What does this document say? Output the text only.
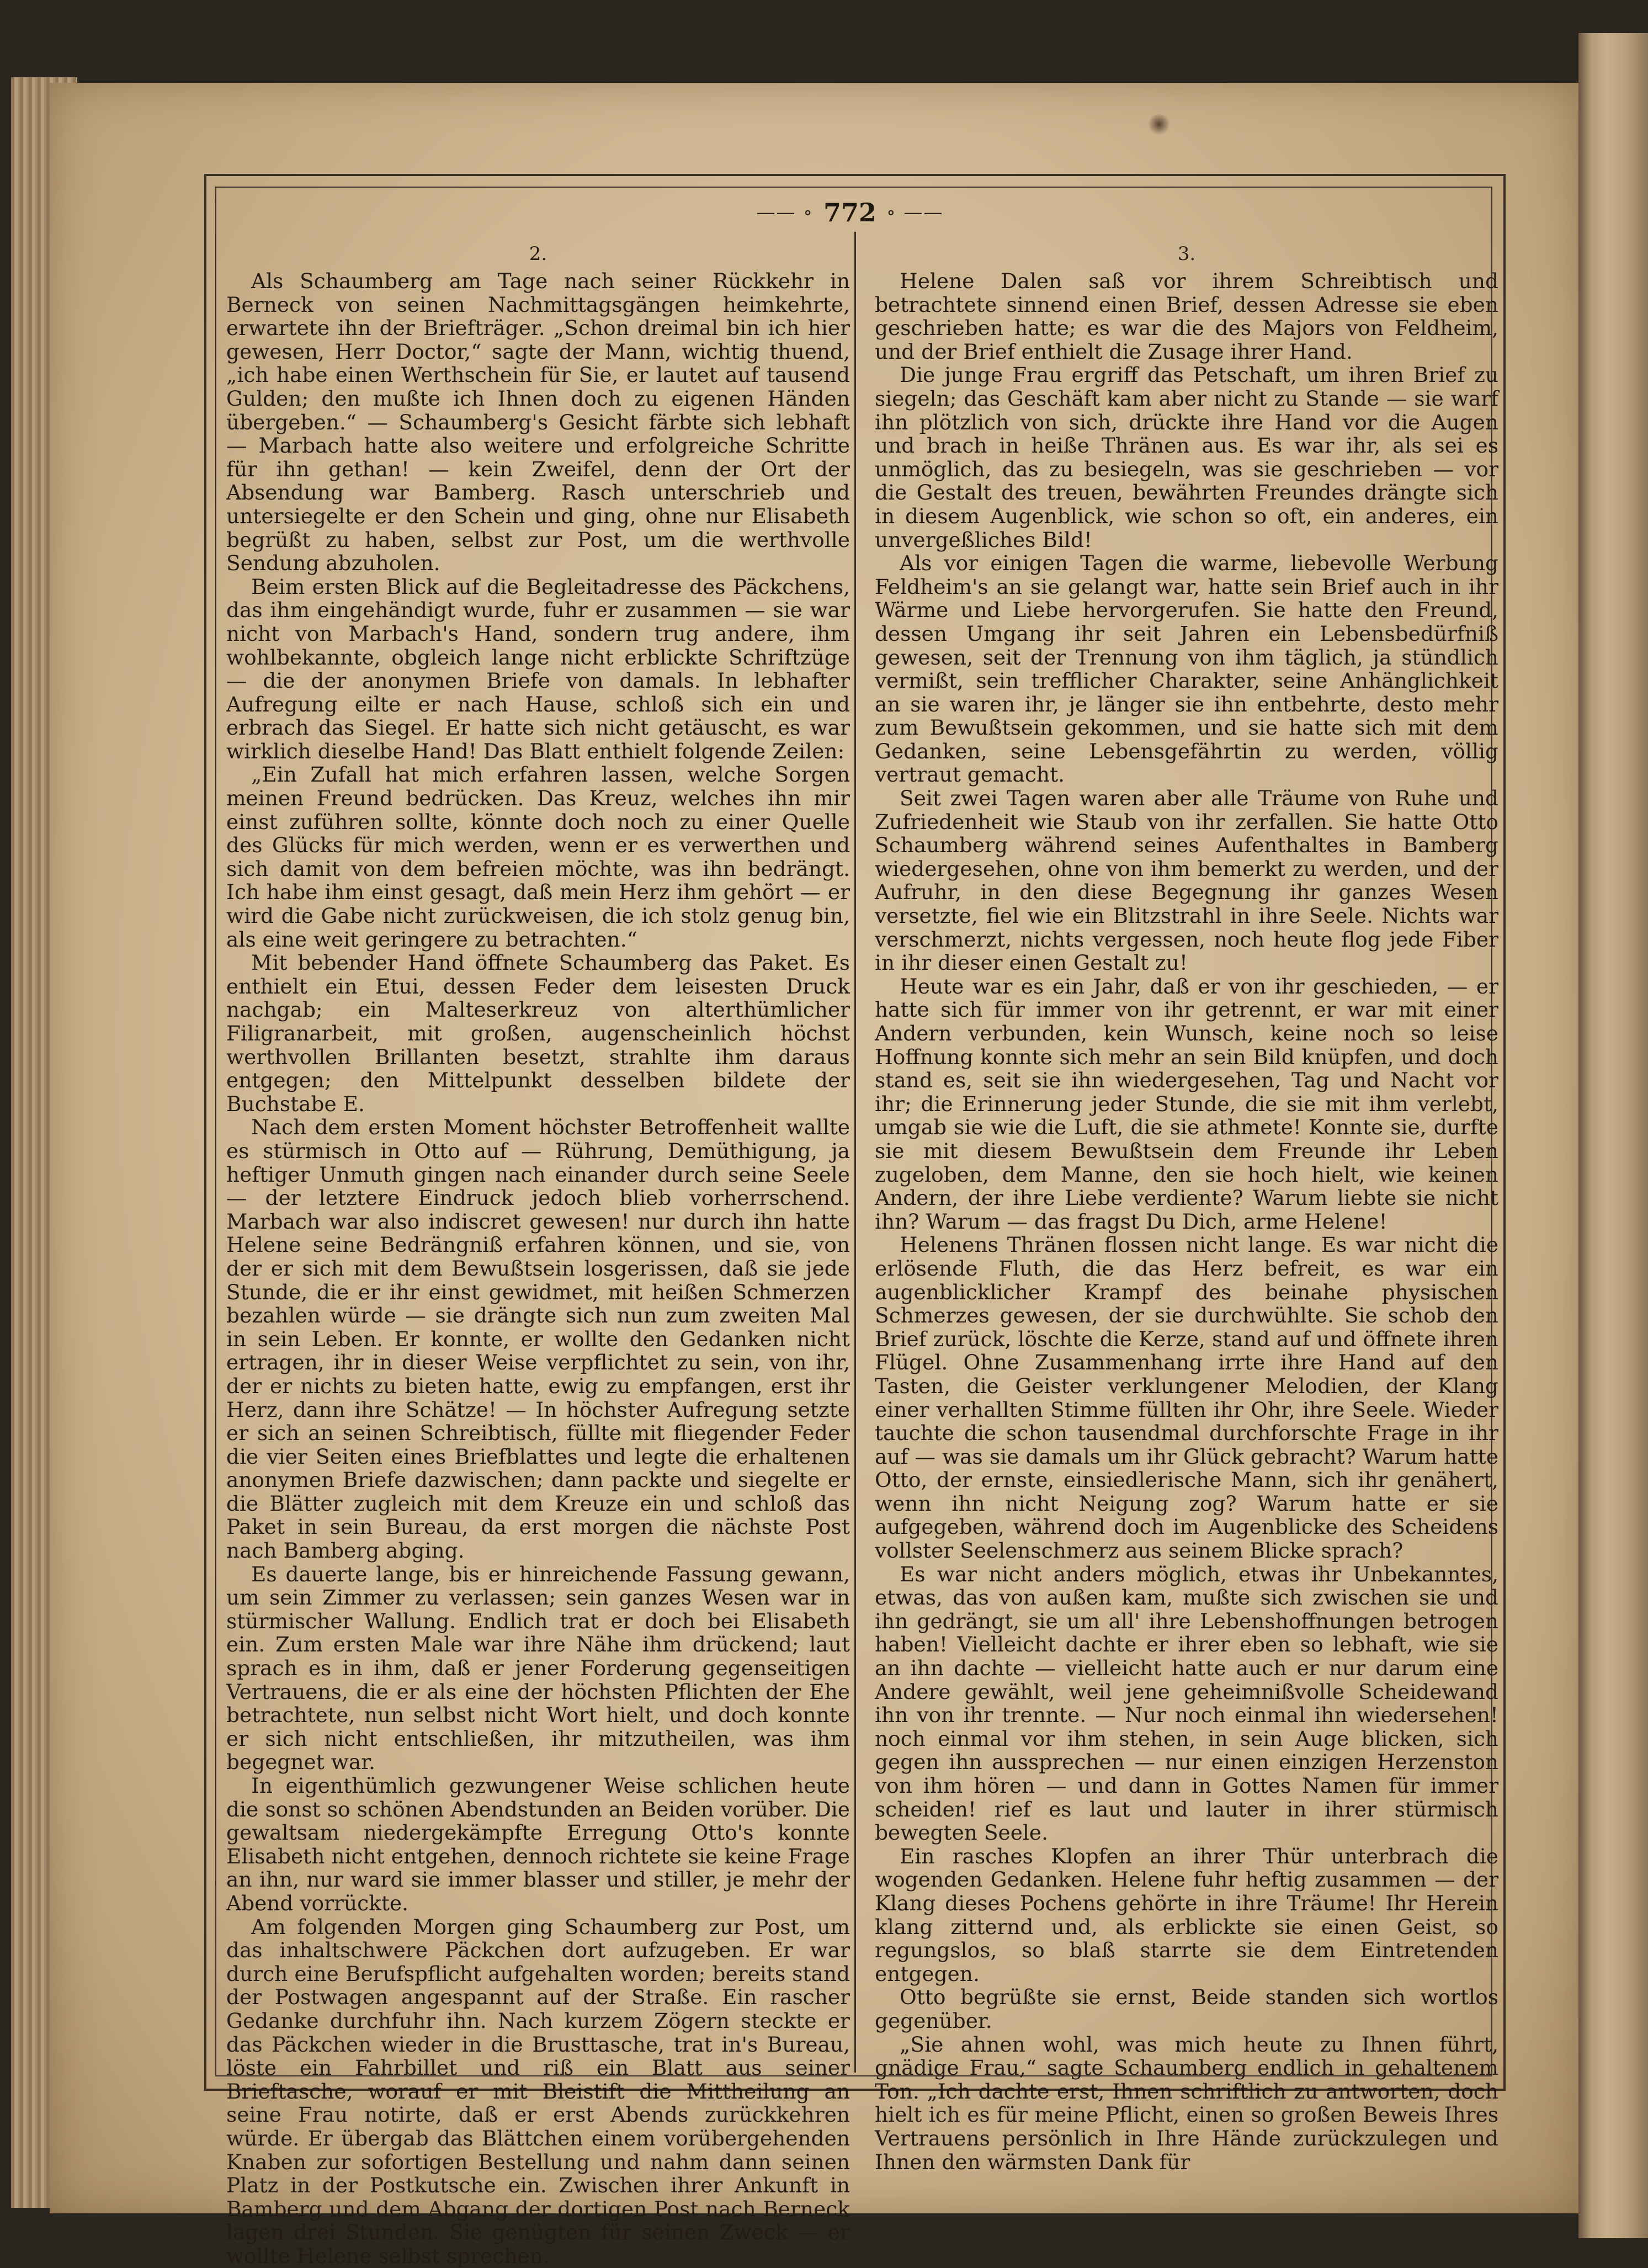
—— ∘ 772 ∘ ——
2.

Als Schaumberg am Tage nach seiner Rückkehr in Berneck von seinen Nachmittagsgängen heimkehrte, erwartete ihn der Briefträger. „Schon dreimal bin ich hier gewesen, Herr Doctor,“ sagte der Mann, wichtig thuend, „ich habe einen Werthschein für Sie, er lautet auf tausend Gulden; den mußte ich Ihnen doch zu eigenen Händen übergeben.“ — Schaumberg's Gesicht färbte sich lebhaft — Marbach hatte also weitere und erfolgreiche Schritte für ihn gethan! — kein Zweifel, denn der Ort der Absendung war Bamberg. Rasch unterschrieb und untersiegelte er den Schein und ging, ohne nur Elisabeth begrüßt zu haben, selbst zur Post, um die werthvolle Sendung abzuholen.

Beim ersten Blick auf die Begleitadresse des Päckchens, das ihm eingehändigt wurde, fuhr er zusammen — sie war nicht von Marbach's Hand, sondern trug andere, ihm wohlbekannte, obgleich lange nicht erblickte Schriftzüge — die der anonymen Briefe von damals. In lebhafter Aufregung eilte er nach Hause, schloß sich ein und erbrach das Siegel. Er hatte sich nicht getäuscht, es war wirklich dieselbe Hand! Das Blatt enthielt folgende Zeilen:

„Ein Zufall hat mich erfahren lassen, welche Sorgen meinen Freund bedrücken. Das Kreuz, welches ihn mir einst zuführen sollte, könnte doch noch zu einer Quelle des Glücks für mich werden, wenn er es verwerthen und sich damit von dem befreien möchte, was ihn bedrängt. Ich habe ihm einst gesagt, daß mein Herz ihm gehört — er wird die Gabe nicht zurückweisen, die ich stolz genug bin, als eine weit geringere zu betrachten.“

Mit bebender Hand öffnete Schaumberg das Paket. Es enthielt ein Etui, dessen Feder dem leisesten Druck nachgab; ein Malteserkreuz von alterthümlicher Filigranarbeit, mit großen, augenscheinlich höchst werthvollen Brillanten besetzt, strahlte ihm daraus entgegen; den Mittelpunkt desselben bildete der Buchstabe E.

Nach dem ersten Moment höchster Betroffenheit wallte es stürmisch in Otto auf — Rührung, Demüthigung, ja heftiger Unmuth gingen nach einander durch seine Seele — der letztere Eindruck jedoch blieb vorherrschend. Marbach war also indiscret gewesen! nur durch ihn hatte Helene seine Bedrängniß erfahren können, und sie, von der er sich mit dem Bewußtsein losgerissen, daß sie jede Stunde, die er ihr einst gewidmet, mit heißen Schmerzen bezahlen würde — sie drängte sich nun zum zweiten Mal in sein Leben. Er konnte, er wollte den Gedanken nicht ertragen, ihr in dieser Weise verpflichtet zu sein, von ihr, der er nichts zu bieten hatte, ewig zu empfangen, erst ihr Herz, dann ihre Schätze! — In höchster Aufregung setzte er sich an seinen Schreibtisch, füllte mit fliegender Feder die vier Seiten eines Briefblattes und legte die erhaltenen anonymen Briefe dazwischen; dann packte und siegelte er die Blätter zugleich mit dem Kreuze ein und schloß das Paket in sein Bureau, da erst morgen die nächste Post nach Bamberg abging.

Es dauerte lange, bis er hinreichende Fassung gewann, um sein Zimmer zu verlassen; sein ganzes Wesen war in stürmischer Wallung. Endlich trat er doch bei Elisabeth ein. Zum ersten Male war ihre Nähe ihm drückend; laut sprach es in ihm, daß er jener Forderung gegenseitigen Vertrauens, die er als eine der höchsten Pflichten der Ehe betrachtete, nun selbst nicht Wort hielt, und doch konnte er sich nicht entschließen, ihr mitzutheilen, was ihm begegnet war.

In eigenthümlich gezwungener Weise schlichen heute die sonst so schönen Abendstunden an Beiden vorüber. Die gewaltsam niedergekämpfte Erregung Otto's konnte Elisabeth nicht entgehen, dennoch richtete sie keine Frage an ihn, nur ward sie immer blasser und stiller, je mehr der Abend vorrückte.

Am folgenden Morgen ging Schaumberg zur Post, um das inhaltschwere Päckchen dort aufzugeben. Er war durch eine Berufspflicht aufgehalten worden; bereits stand der Postwagen angespannt auf der Straße. Ein rascher Gedanke durchfuhr ihn. Nach kurzem Zögern steckte er das Päckchen wieder in die Brusttasche, trat in's Bureau, löste ein Fahrbillet und riß ein Blatt aus seiner Brieftasche, worauf er mit Bleistift die Mittheilung an seine Frau notirte, daß er erst Abends zurückkehren würde. Er übergab das Blättchen einem vorübergehenden Knaben zur sofortigen Bestellung und nahm dann seinen Platz in der Postkutsche ein. Zwischen ihrer Ankunft in Bamberg und dem Abgang der dortigen Post nach Berneck lagen drei Stunden. Sie genügten für seinen Zweck — er wollte Helene selbst sprechen.

3.

Helene Dalen saß vor ihrem Schreibtisch und betrachtete sinnend einen Brief, dessen Adresse sie eben geschrieben hatte; es war die des Majors von Feldheim, und der Brief enthielt die Zusage ihrer Hand.

Die junge Frau ergriff das Petschaft, um ihren Brief zu siegeln; das Geschäft kam aber nicht zu Stande — sie warf ihn plötzlich von sich, drückte ihre Hand vor die Augen und brach in heiße Thränen aus. Es war ihr, als sei es unmöglich, das zu besiegeln, was sie geschrieben — vor die Gestalt des treuen, bewährten Freundes drängte sich in diesem Augenblick, wie schon so oft, ein anderes, ein unvergeßliches Bild!

Als vor einigen Tagen die warme, liebevolle Werbung Feldheim's an sie gelangt war, hatte sein Brief auch in ihr Wärme und Liebe hervorgerufen. Sie hatte den Freund, dessen Umgang ihr seit Jahren ein Lebensbedürfniß gewesen, seit der Trennung von ihm täglich, ja stündlich vermißt, sein trefflicher Charakter, seine Anhänglichkeit an sie waren ihr, je länger sie ihn entbehrte, desto mehr zum Bewußtsein gekommen, und sie hatte sich mit dem Gedanken, seine Lebensgefährtin zu werden, völlig vertraut gemacht.

Seit zwei Tagen waren aber alle Träume von Ruhe und Zufriedenheit wie Staub von ihr zerfallen. Sie hatte Otto Schaumberg während seines Aufenthaltes in Bamberg wiedergesehen, ohne von ihm bemerkt zu werden, und der Aufruhr, in den diese Begegnung ihr ganzes Wesen versetzte, fiel wie ein Blitzstrahl in ihre Seele. Nichts war verschmerzt, nichts vergessen, noch heute flog jede Fiber in ihr dieser einen Gestalt zu!

Heute war es ein Jahr, daß er von ihr geschieden, — er hatte sich für immer von ihr getrennt, er war mit einer Andern verbunden, kein Wunsch, keine noch so leise Hoffnung konnte sich mehr an sein Bild knüpfen, und doch stand es, seit sie ihn wiedergesehen, Tag und Nacht vor ihr; die Erinnerung jeder Stunde, die sie mit ihm verlebt, umgab sie wie die Luft, die sie athmete! Konnte sie, durfte sie mit diesem Bewußtsein dem Freunde ihr Leben zugeloben, dem Manne, den sie hoch hielt, wie keinen Andern, der ihre Liebe verdiente? Warum liebte sie nicht ihn? Warum — das fragst Du Dich, arme Helene!

Helenens Thränen flossen nicht lange. Es war nicht die erlösende Fluth, die das Herz befreit, es war ein augenblicklicher Krampf des beinahe physischen Schmerzes gewesen, der sie durchwühlte. Sie schob den Brief zurück, löschte die Kerze, stand auf und öffnete ihren Flügel. Ohne Zusammenhang irrte ihre Hand auf den Tasten, die Geister verklungener Melodien, der Klang einer verhallten Stimme füllten ihr Ohr, ihre Seele. Wieder tauchte die schon tausendmal durchforschte Frage in ihr auf — was sie damals um ihr Glück gebracht? Warum hatte Otto, der ernste, einsiedlerische Mann, sich ihr genähert, wenn ihn nicht Neigung zog? Warum hatte er sie aufgegeben, während doch im Augenblicke des Scheidens vollster Seelenschmerz aus seinem Blicke sprach?

Es war nicht anders möglich, etwas ihr Unbekanntes, etwas, das von außen kam, mußte sich zwischen sie und ihn gedrängt, sie um all' ihre Lebenshoffnungen betrogen haben! Vielleicht dachte er ihrer eben so lebhaft, wie sie an ihn dachte — vielleicht hatte auch er nur darum eine Andere gewählt, weil jene geheimnißvolle Scheidewand ihn von ihr trennte. — Nur noch einmal ihn wiedersehen! noch einmal vor ihm stehen, in sein Auge blicken, sich gegen ihn aussprechen — nur einen einzigen Herzenston von ihm hören — und dann in Gottes Namen für immer scheiden! rief es laut und lauter in ihrer stürmisch bewegten Seele.

Ein rasches Klopfen an ihrer Thür unterbrach die wogenden Gedanken. Helene fuhr heftig zusammen — der Klang dieses Pochens gehörte in ihre Träume! Ihr Herein klang zitternd und, als erblickte sie einen Geist, so regungslos, so blaß starrte sie dem Eintretenden entgegen.

Otto begrüßte sie ernst, Beide standen sich wortlos gegenüber.

„Sie ahnen wohl, was mich heute zu Ihnen führt, gnädige Frau,“ sagte Schaumberg endlich in gehaltenem Ton. „Ich dachte erst, Ihnen schriftlich zu antworten, doch hielt ich es für meine Pflicht, einen so großen Beweis Ihres Vertrauens persönlich in Ihre Hände zurückzulegen und Ihnen den wärmsten Dank für
